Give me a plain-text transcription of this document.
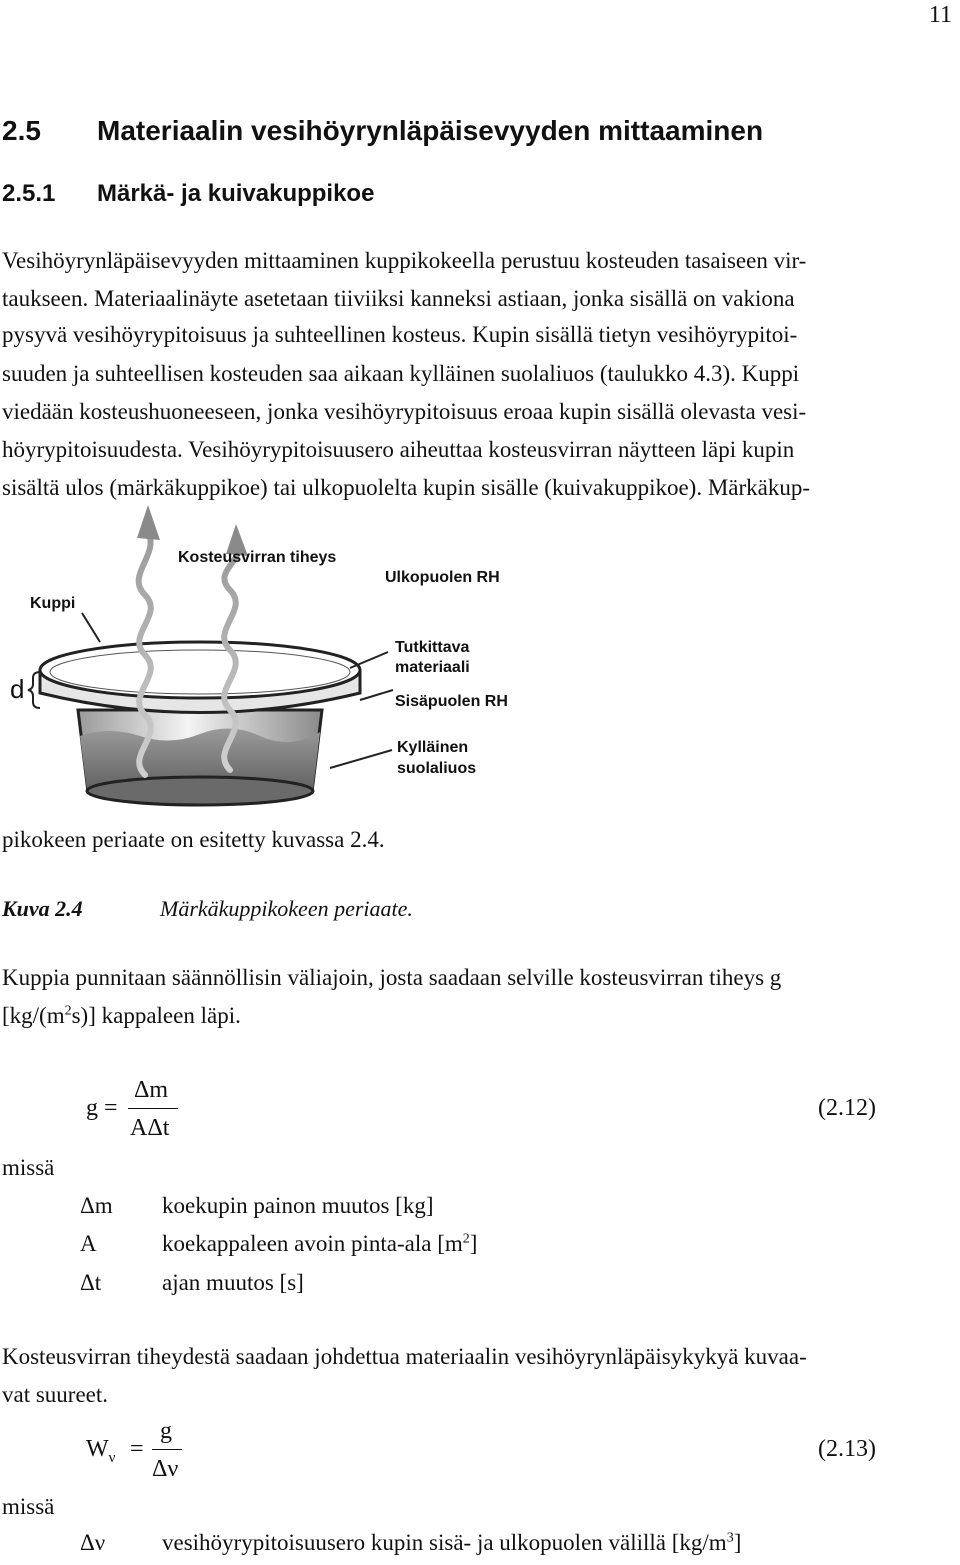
11
2.5 Materiaalin vesihöyrynläpäisevyyden mittaaminen
2.5.1 Märkä- ja kuivakuppikoe
Vesihöyrynläpäisevyyden mittaaminen kuppikokeella perustuu kosteuden tasaiseen vir-
taukseen. Materiaalinäyte asetetaan tiiviiksi kanneksi astiaan, jonka sisällä on vakiona
pysyvä vesihöyrypitoisuus ja suhteellinen kosteus. Kupin sisällä tietyn vesihöyrypitoi-
suuden ja suhteellisen kosteuden saa aikaan kylläinen suolaliuos (taulukko 4.3). Kuppi
viedään kosteushuoneeseen, jonka vesihöyrypitoisuus eroaa kupin sisällä olevasta vesi-
höyrypitoisuudesta. Vesihöyrypitoisuusero aiheuttaa kosteusvirran näytteen läpi kupin
sisältä ulos (märkäkuppikoe) tai ulkopuolelta kupin sisälle (kuivakuppikoe). Märkäkup-
d
Kosteusvirran tiheys
Ulkopuolen RH
Kuppi
Tutkittava
materiaali
Sisäpuolen RH
Kylläinen
suolaliuos
pikokeen periaate on esitetty kuvassa 2.4.
Kuva 2.4	Märkäkuppikokeen periaate.
Kuppia punnitaan säännöllisin väliajoin, josta saadaan selville kosteusvirran tiheys g
$[kg/(m^2s)]$ kappaleen läpi.
g =
Δm
AΔt
(2.12)
missä
Δm koekupin painon muutos [kg]
A	koekappaleen avoin pinta-ala $[m^2]$
Δt	ajan muutos [s]
Kosteusvirran tiheydestä saadaan johdettua materiaalin vesihöyrynläpäisykykyä kuvaa-
vat suureet.
$W_\nu$ =
g
Δν
(2.13)
missä
Δν vesihöyrypitoisuusero kupin sisä- ja ulkopuolen välillä $[kg/m^3]$
